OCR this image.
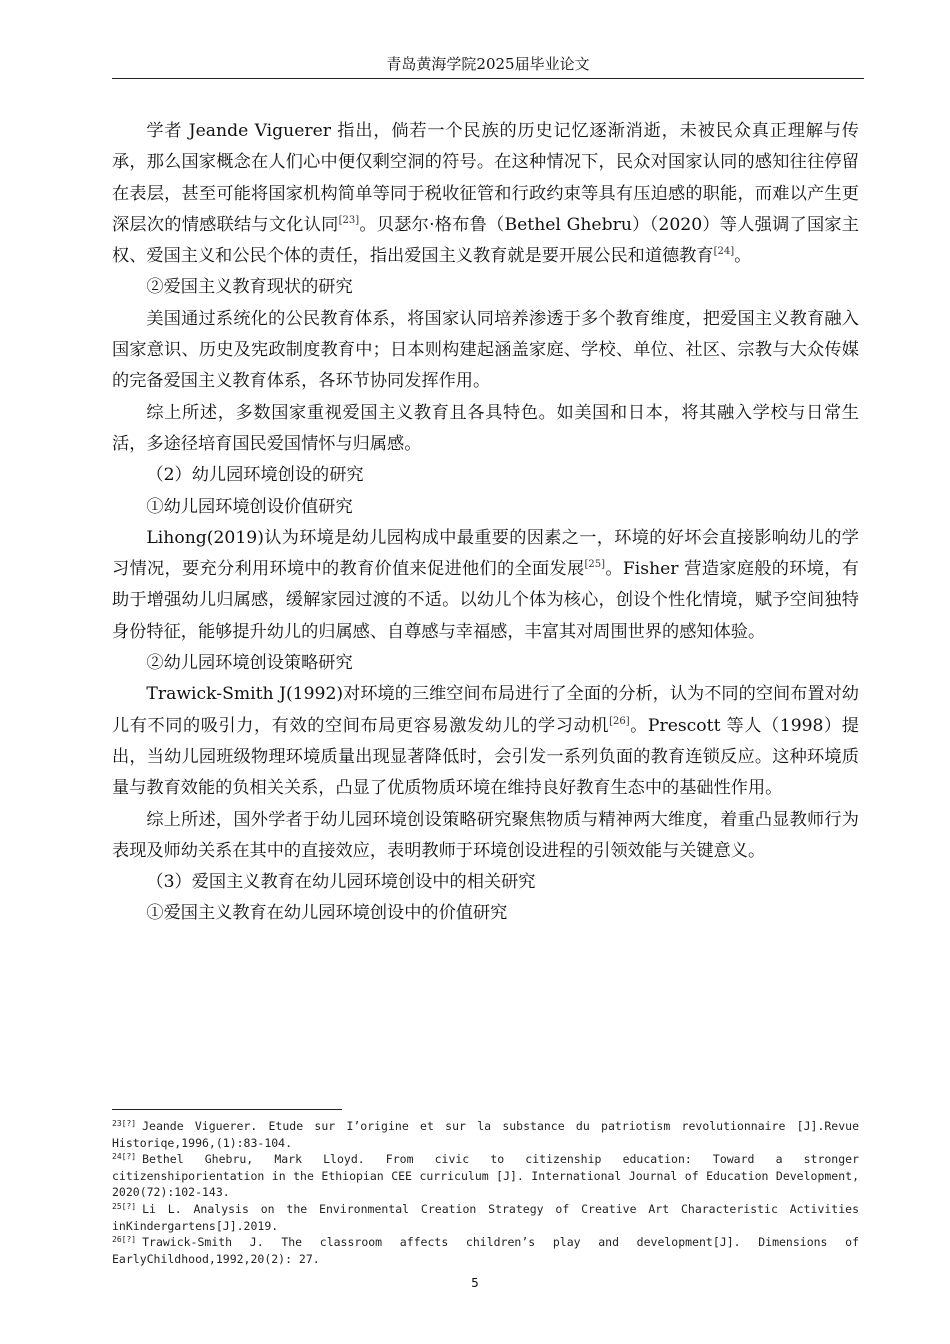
青岛黄海学院2025届毕业论文

学者 Jeande Viguerer 指出，倘若一个民族的历史记忆逐渐消逝，未被民众真正理解与传承，那么国家概念在人们心中便仅剩空洞的符号。在这种情况下，民众对国家认同的感知往往停留在表层，甚至可能将国家机构简单等同于税收征管和行政约束等具有压迫感的职能，而难以产生更深层次的情感联结与文化认同[23]。贝瑟尔·格布鲁（Bethel Ghebru）（2020）等人强调了国家主权、爱国主义和公民个体的责任，指出爱国主义教育就是要开展公民和道德教育[24]。

②爱国主义教育现状的研究

美国通过系统化的公民教育体系，将国家认同培养渗透于多个教育维度，把爱国主义教育融入国家意识、历史及宪政制度教育中；日本则构建起涵盖家庭、学校、单位、社区、宗教与大众传媒的完备爱国主义教育体系，各环节协同发挥作用。

综上所述，多数国家重视爱国主义教育且各具特色。如美国和日本，将其融入学校与日常生活，多途径培育国民爱国情怀与归属感。

（2）幼儿园环境创设的研究

①幼儿园环境创设价值研究

Lihong(2019)认为环境是幼儿园构成中最重要的因素之一，环境的好坏会直接影响幼儿的学习情况，要充分利用环境中的教育价值来促进他们的全面发展[25]。Fisher 营造家庭般的环境，有助于增强幼儿归属感，缓解家园过渡的不适。以幼儿个体为核心，创设个性化情境，赋予空间独特身份特征，能够提升幼儿的归属感、自尊感与幸福感，丰富其对周围世界的感知体验。

②幼儿园环境创设策略研究

Trawick-Smith J(1992)对环境的三维空间布局进行了全面的分析，认为不同的空间布置对幼儿有不同的吸引力，有效的空间布局更容易激发幼儿的学习动机[26]。Prescott 等人（1998）提出，当幼儿园班级物理环境质量出现显著降低时，会引发一系列负面的教育连锁反应。这种环境质量与教育效能的负相关关系，凸显了优质物质环境在维持良好教育生态中的基础性作用。

综上所述，国外学者于幼儿园环境创设策略研究聚焦物质与精神两大维度，着重凸显教师行为表现及师幼关系在其中的直接效应，表明教师于环境创设进程的引领效能与关键意义。

（3）爱国主义教育在幼儿园环境创设中的相关研究

①爱国主义教育在幼儿园环境创设中的价值研究

$^{23[?]}$ Jeande Viguerer. Etude sur I’origine et sur la substance du patriotism revolutionnaire [J].Revue Historiqe,1996,(1):83-104.

$^{24[?]}$ Bethel Ghebru, Mark Lloyd. From civic to citizenship education: Toward a stronger citizenshiporientation in the Ethiopian CEE curriculum [J]. International Journal of Education Development, 2020(72):102-143.

$^{25[?]}$ Li L. Analysis on the Environmental Creation Strategy of Creative Art Characteristic Activities inKindergartens[J].2019.

$^{26[?]}$ Trawick-Smith J. The classroom affects children’s play and development[J]. Dimensions of EarlyChildhood,1992,20(2): 27.

5
